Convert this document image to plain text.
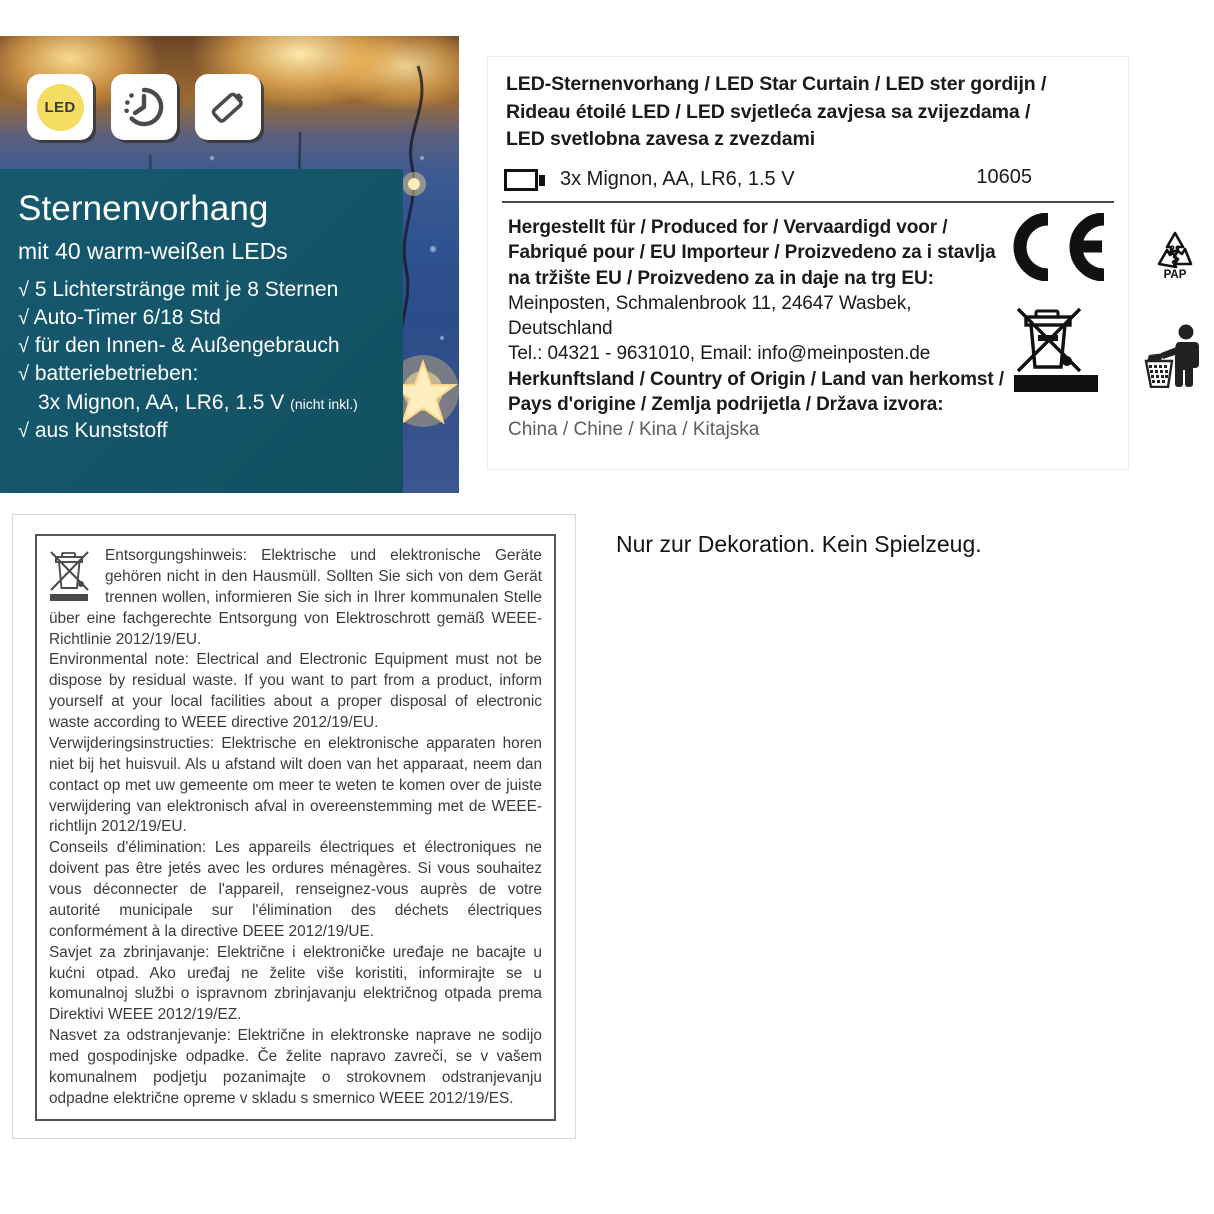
LED
Sternenvorhang
mit 40 warm-weißen LEDs
√ 5 Lichterstränge mit je 8 Sternen
√ Auto-Timer 6/18 Std
√ für den Innen- & Außengebrauch
√ batteriebetrieben:
3x Mignon, AA, LR6, 1.5 V (nicht inkl.)
√ aus Kunststoff
LED-Sternenvorhang / LED Star Curtain / LED ster gordijn /
Rideau étoilé LED / LED svjetleća zavjesa sa zvijezdama /
LED svetlobna zavesa z zvezdami
3x Mignon, AA, LR6, 1.5 V	10605
Hergestellt für / Produced for / Vervaardigd voor /
Fabriqué pour / EU Importeur / Proizvedeno za i stavlja
na tržište EU / Proizvedeno za in daje na trg EU:
Meinposten, Schmalenbrook 11, 24647 Wasbek,
Deutschland
Tel.: 04321 - 9631010, Email: info@meinposten.de
Herkunftsland / Country of Origin / Land van herkomst /
Pays d'origine / Zemlja podrijetla / Država izvora:
China / Chine / Kina / Kitajska
21
PAP

Entsorgungshinweis: Elektrische und elektronische Geräte gehören nicht in den Hausmüll. Sollten Sie sich von dem Gerät trennen wollen, informieren Sie sich in Ihrer kommunalen Stelle über eine fachgerechte Entsorgung von Elektroschrott gemäß WEEE-Richtlinie 2012/19/EU.

Environmental note: Electrical and Electronic Equipment must not be dispose by residual waste. If you want to part from a product, inform yourself at your local facilities about a proper disposal of electronic waste according to WEEE directive 2012/19/EU.

Verwijderingsinstructies: Elektrische en elektronische apparaten horen niet bij het huisvuil. Als u afstand wilt doen van het apparaat, neem dan contact op met uw gemeente om meer te weten te komen over de juiste verwijdering van elektronisch afval in overeenstemming met de WEEE-richtlijn 2012/19/EU.

Conseils d'élimination: Les appareils électriques et électroniques ne doivent pas être jetés avec les ordures ménagères. Si vous souhaitez vous déconnecter de l'appareil, renseignez-vous auprès de votre autorité municipale sur l'élimination des déchets électriques conformément à la directive DEEE 2012/19/UE.

Savjet za zbrinjavanje: Električne i elektroničke uređaje ne bacajte u kućni otpad. Ako uređaj ne želite više koristiti, informirajte se u komunalnoj službi o ispravnom zbrinjavanju električnog otpada prema Direktivi WEEE 2012/19/EZ.

Nasvet za odstranjevanje: Električne in elektronske naprave ne sodijo med gospodinjske odpadke. Če želite napravo zavreči, se v vašem komunalnem podjetju pozanimajte o strokovnem odstranjevanju odpadne električne opreme v skladu s smernico WEEE 2012/19/ES.

Nur zur Dekoration. Kein Spielzeug.
